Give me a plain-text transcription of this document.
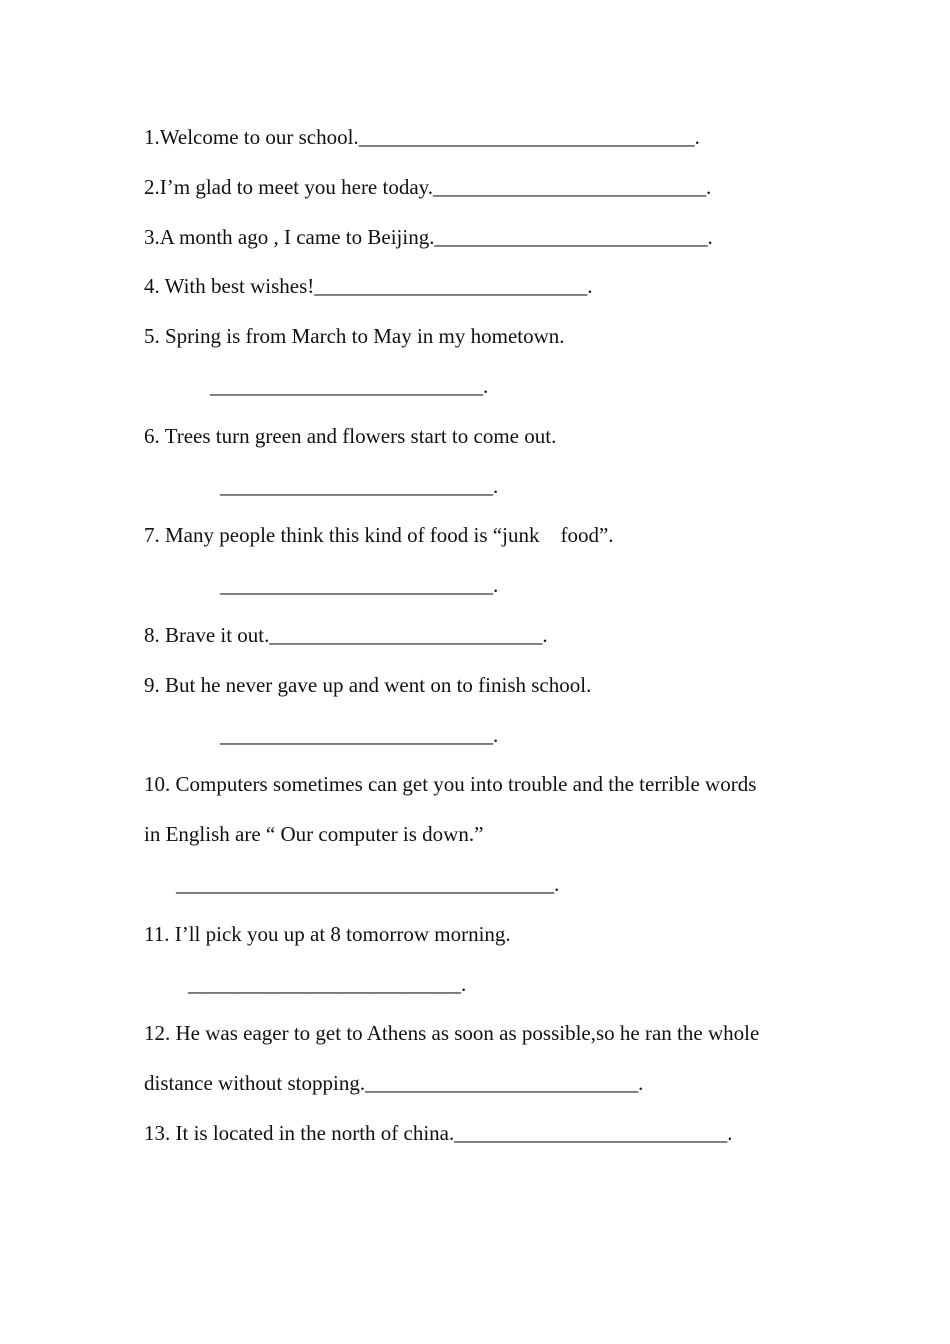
1.Welcome to our school.________________________________.
2.I’m glad to meet you here today.__________________________.
3.A month ago , I came to Beijing.__________________________.
4. With best wishes!__________________________.
5. Spring is from March to May in my hometown.
__________________________.
6. Trees turn green and flowers start to come out.
__________________________.
7. Many people think this kind of food is “junk    food”.
__________________________.
8. Brave it out.__________________________.
9. But he never gave up and went on to finish school.
__________________________.
10. Computers sometimes can get you into trouble and the terrible words
in English are “ Our computer is down.”
____________________________________.
11. I’ll pick you up at 8 tomorrow morning.
__________________________.
12. He was eager to get to Athens as soon as possible,so he ran the whole
distance without stopping.__________________________.
13. It is located in the north of china.__________________________.
